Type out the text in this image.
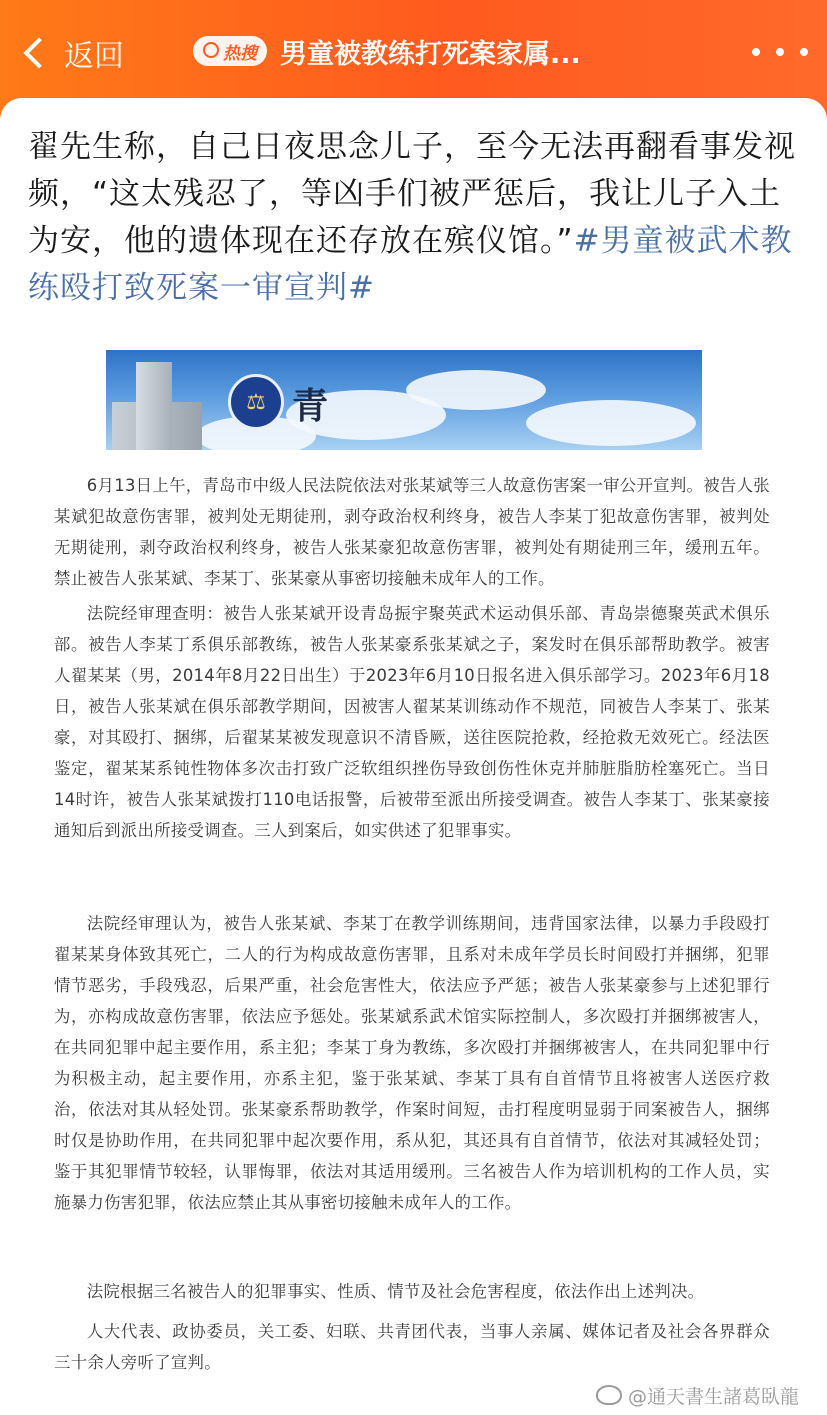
返回	热搜 男童被教练打死案家属...
翟先生称，自己日夜思念儿子，至今无法再翻看事发视频，“这太残忍了，等凶手们被严惩后，我让儿子入土为安，他的遗体现在还存放在殡仪馆。”#男童被武术教练殴打致死案一审宣判#
⚖ 青
6月13日上午，青岛市中级人民法院依法对张某斌等三人故意伤害案一审公开宣判。被告人张某斌犯故意伤害罪，被判处无期徒刑，剥夺政治权利终身，被告人李某丁犯故意伤害罪，被判处无期徒刑，剥夺政治权利终身，被告人张某豪犯故意伤害罪，被判处有期徒刑三年，缓刑五年。禁止被告人张某斌、李某丁、张某豪从事密切接触未成年人的工作。
法院经审理查明：被告人张某斌开设青岛振宇聚英武术运动俱乐部、青岛崇德聚英武术俱乐部。被告人李某丁系俱乐部教练，被告人张某豪系张某斌之子，案发时在俱乐部帮助教学。被害人翟某某（男，2014年8月22日出生）于2023年6月10日报名进入俱乐部学习。2023年6月18日，被告人张某斌在俱乐部教学期间，因被害人翟某某训练动作不规范，同被告人李某丁、张某豪，对其殴打、捆绑，后翟某某被发现意识不清昏厥，送往医院抢救，经抢救无效死亡。经法医鉴定，翟某某系钝性物体多次击打致广泛软组织挫伤导致创伤性休克并肺脏脂肪栓塞死亡。当日14时许，被告人张某斌拨打110电话报警，后被带至派出所接受调查。被告人李某丁、张某豪接通知后到派出所接受调查。三人到案后，如实供述了犯罪事实。
法院经审理认为，被告人张某斌、李某丁在教学训练期间，违背国家法律，以暴力手段殴打翟某某身体致其死亡，二人的行为构成故意伤害罪，且系对未成年学员长时间殴打并捆绑，犯罪情节恶劣，手段残忍，后果严重，社会危害性大，依法应予严惩；被告人张某豪参与上述犯罪行为，亦构成故意伤害罪，依法应予惩处。张某斌系武术馆实际控制人，多次殴打并捆绑被害人，在共同犯罪中起主要作用，系主犯；李某丁身为教练，多次殴打并捆绑被害人，在共同犯罪中行为积极主动，起主要作用，亦系主犯，鉴于张某斌、李某丁具有自首情节且将被害人送医疗救治，依法对其从轻处罚。张某豪系帮助教学，作案时间短，击打程度明显弱于同案被告人，捆绑时仅是协助作用，在共同犯罪中起次要作用，系从犯，其还具有自首情节，依法对其减轻处罚；鉴于其犯罪情节较轻，认罪悔罪，依法对其适用缓刑。三名被告人作为培训机构的工作人员，实施暴力伤害犯罪，依法应禁止其从事密切接触未成年人的工作。
法院根据三名被告人的犯罪事实、性质、情节及社会危害程度，依法作出上述判决。
人大代表、政协委员，关工委、妇联、共青团代表，当事人亲属、媒体记者及社会各界群众三十余人旁听了宣判。
@通天書生諸葛臥龍
